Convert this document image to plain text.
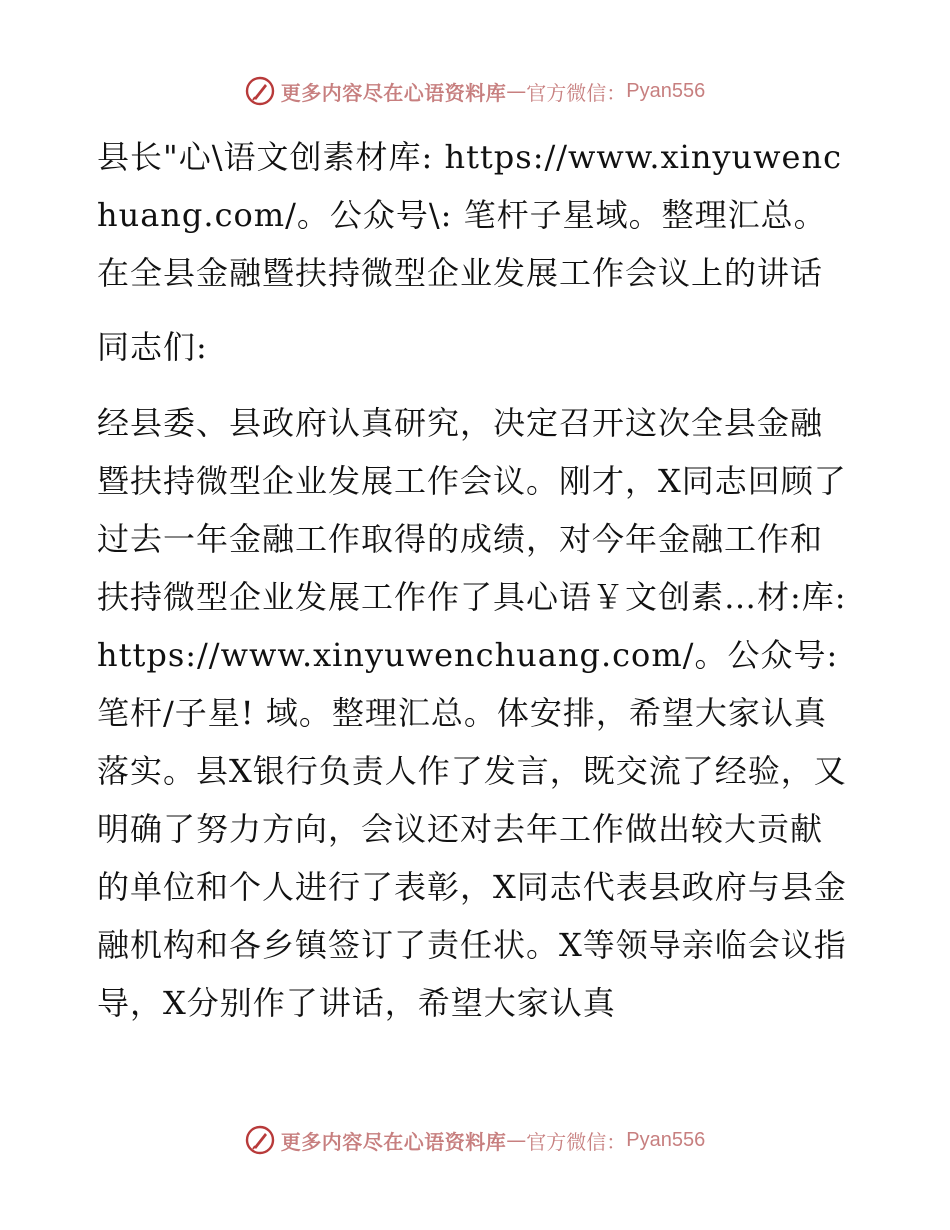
更多内容尽在心语资料库 — 官方微信： Pyan556

县长"心\语文创素材库: https://www.xinyuwenchuang.com/。公众号\: 笔杆子星域。整理汇总。在全县金融暨扶持微型企业发展工作会议上的讲话

同志们:

经县委、县政府认真研究，决定召开这次全县金融暨扶持微型企业发展工作会议。刚才，X同志回顾了过去一年金融工作取得的成绩，对今年金融工作和扶持微型企业发展工作作了具心语￥文创素…材:库: https://www.xinyuwenchuang.com/。公众号: 笔杆/子星! 域。整理汇总。体安排，希望大家认真落实。县X银行负责人作了发言，既交流了经验，又明确了努力方向，会议还对去年工作做出较大贡献的单位和个人进行了表彰，X同志代表县政府与县金融机构和各乡镇签订了责任状。X等领导亲临会议指导，X分别作了讲话，希望大家认真

更多内容尽在心语资料库 — 官方微信： Pyan556
